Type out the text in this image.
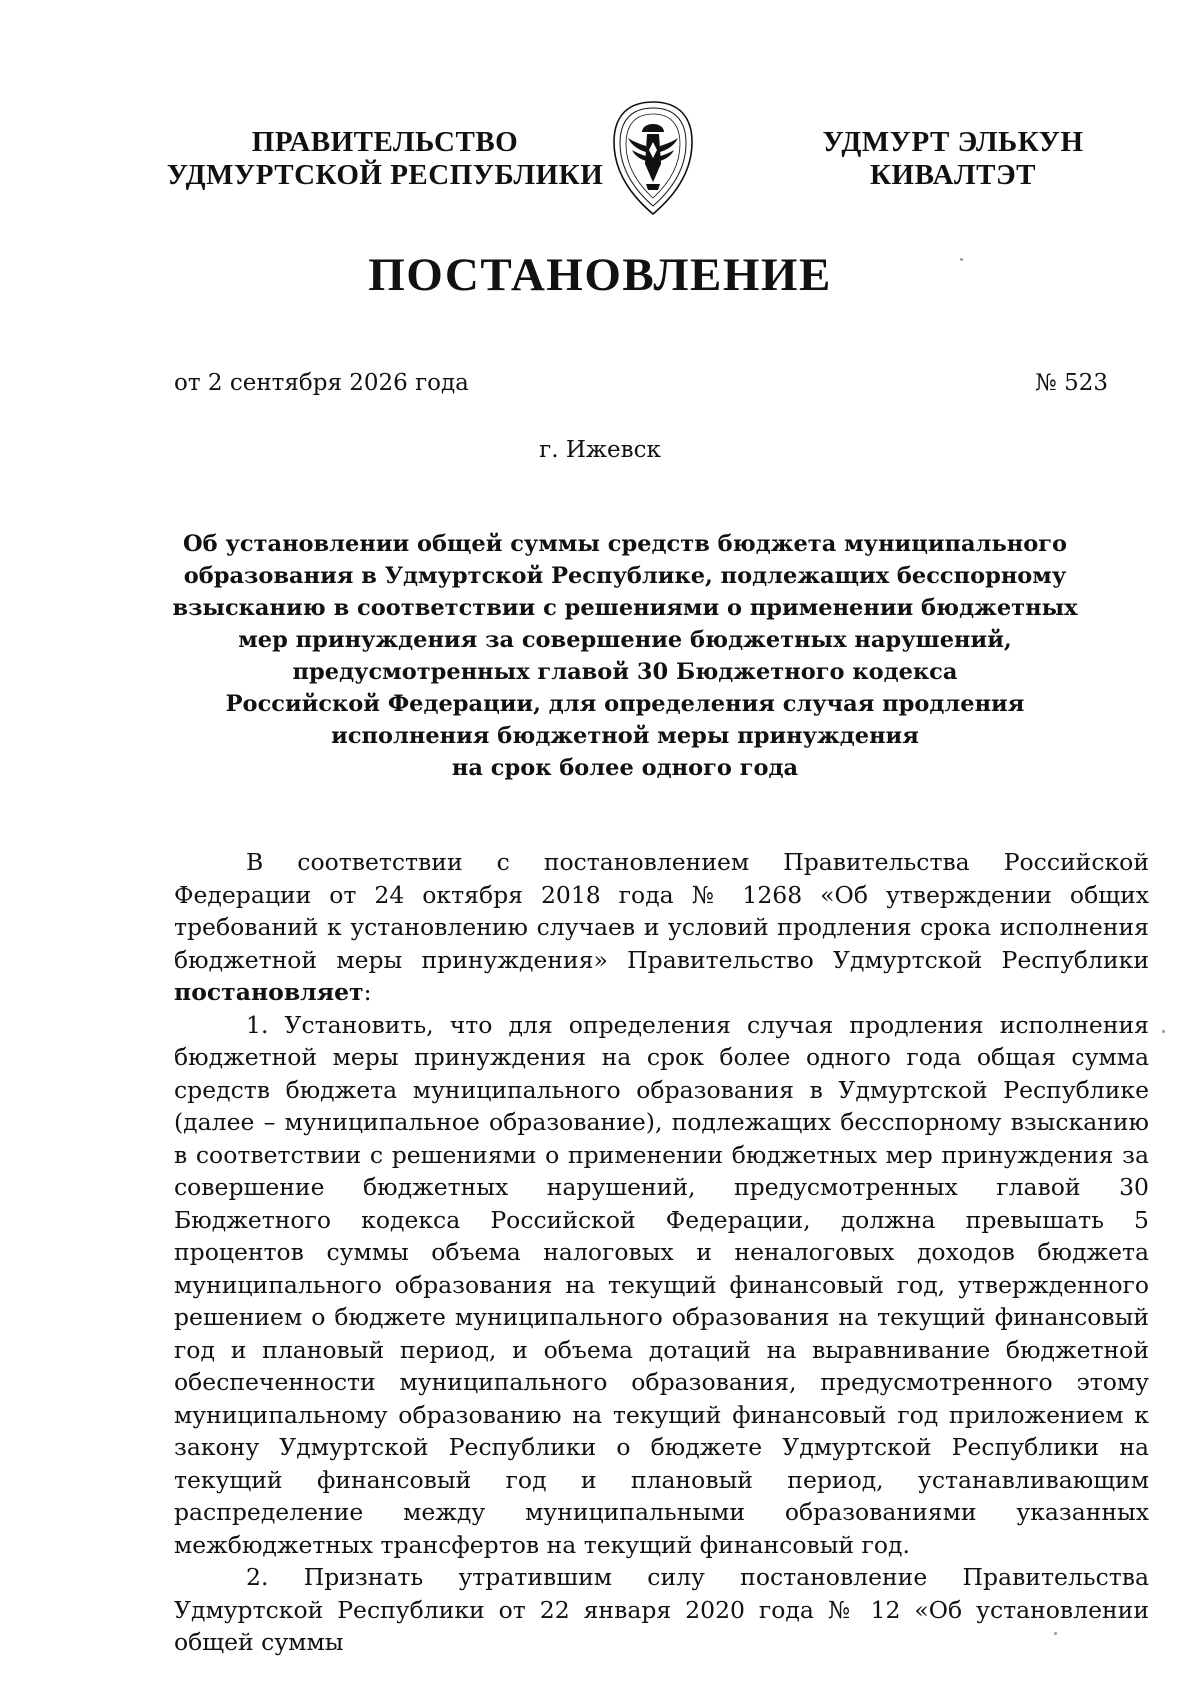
ПРАВИТЕЛЬСТВО
УДМУРТСКОЙ РЕСПУБЛИКИ
УДМУРТ ЭЛЬКУН
КИВАЛТЭТ
ПОСТАНОВЛЕНИЕ
от 2 сентября 2026 года	№ 523
г. Ижевск
Об установлении общей суммы средств бюджета муниципального
образования в Удмуртской Республике, подлежащих бесспорному
взысканию в соответствии с решениями о применении бюджетных
мер принуждения за совершение бюджетных нарушений,
предусмотренных главой 30 Бюджетного кодекса
Российской Федерации, для определения случая продления
исполнения бюджетной меры принуждения
на срок более одного года

В соответствии с постановлением Правительства Российской Федерации от 24 октября 2018 года № 1268 «Об утверждении общих требований к установлению случаев и условий продления срока исполнения бюджетной меры принуждения» Правительство Удмуртской Республики постановляет:

1. Установить, что для определения случая продления исполнения бюджетной меры принуждения на срок более одного года общая сумма средств бюджета муниципального образования в Удмуртской Республике (далее – муниципальное образование), подлежащих бесспорному взысканию в соответствии с решениями о применении бюджетных мер принуждения за совершение бюджетных нарушений, предусмотренных главой 30 Бюджетного кодекса Российской Федерации, должна превышать 5 процентов суммы объема налоговых и неналоговых доходов бюджета муниципального образования на текущий финансовый год, утвержденного решением о бюджете муниципального образования на текущий финансовый год и плановый период, и объема дотаций на выравнивание бюджетной обеспеченности муниципального образования, предусмотренного этому муниципальному образованию на текущий финансовый год приложением к закону Удмуртской Республики о бюджете Удмуртской Республики на текущий финансовый год и плановый период, устанавливающим распределение между муниципальными образованиями указанных межбюджетных трансфертов на текущий финансовый год.

2. Признать утратившим силу постановление Правительства Удмуртской Республики от 22 января 2020 года № 12 «Об установлении общей суммы
